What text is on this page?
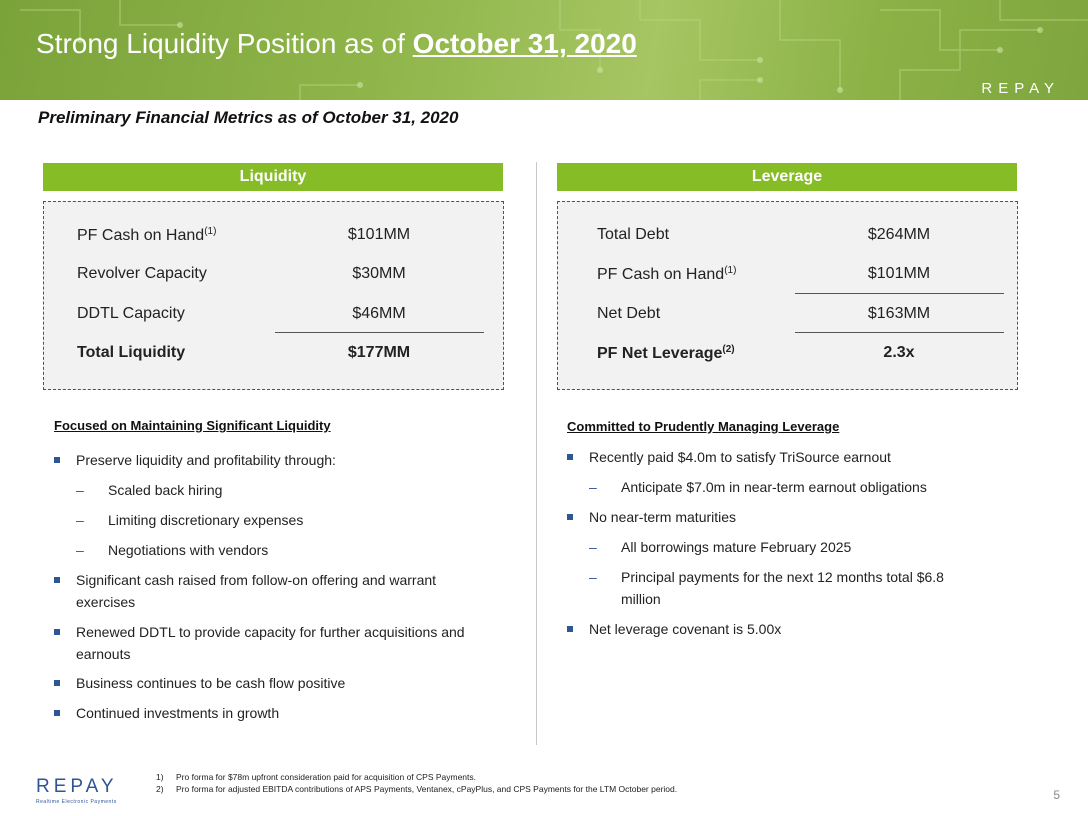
Strong Liquidity Position as of October 31, 2020
REPAY
Preliminary Financial Metrics as of October 31, 2020
Liquidity
PF Cash on Hand$^{(1)}$	$101MM
Revolver Capacity	$30MM
DDTL Capacity	$46MM
Total Liquidity	$177MM
Leverage
Total Debt	$264MM
PF Cash on Hand$^{(1)}$	$101MM
Net Debt	$163MM
PF Net Leverage$^{(2)}$	2.3x
Focused on Maintaining Significant Liquidity
Preserve liquidity and profitability through:
– Scaled back hiring
– Limiting discretionary expenses
– Negotiations with vendors
Significant cash raised from follow-on offering and warrant
exercises
Renewed DDTL to provide capacity for further acquisitions and
earnouts
Business continues to be cash flow positive
Continued investments in growth
Committed to Prudently Managing Leverage
Recently paid $4.0m to satisfy TriSource earnout
– Anticipate $7.0m in near-term earnout obligations
No near-term maturities
– All borrowings mature February 2025
– Principal payments for the next 12 months total $6.8
million
Net leverage covenant is 5.00x
REPAY
Realtime Electronic Payments
1) Pro forma for $78m upfront consideration paid for acquisition of CPS Payments.
2) Pro forma for adjusted EBITDA contributions of APS Payments, Ventanex, cPayPlus, and CPS Payments for the LTM October period.	5
